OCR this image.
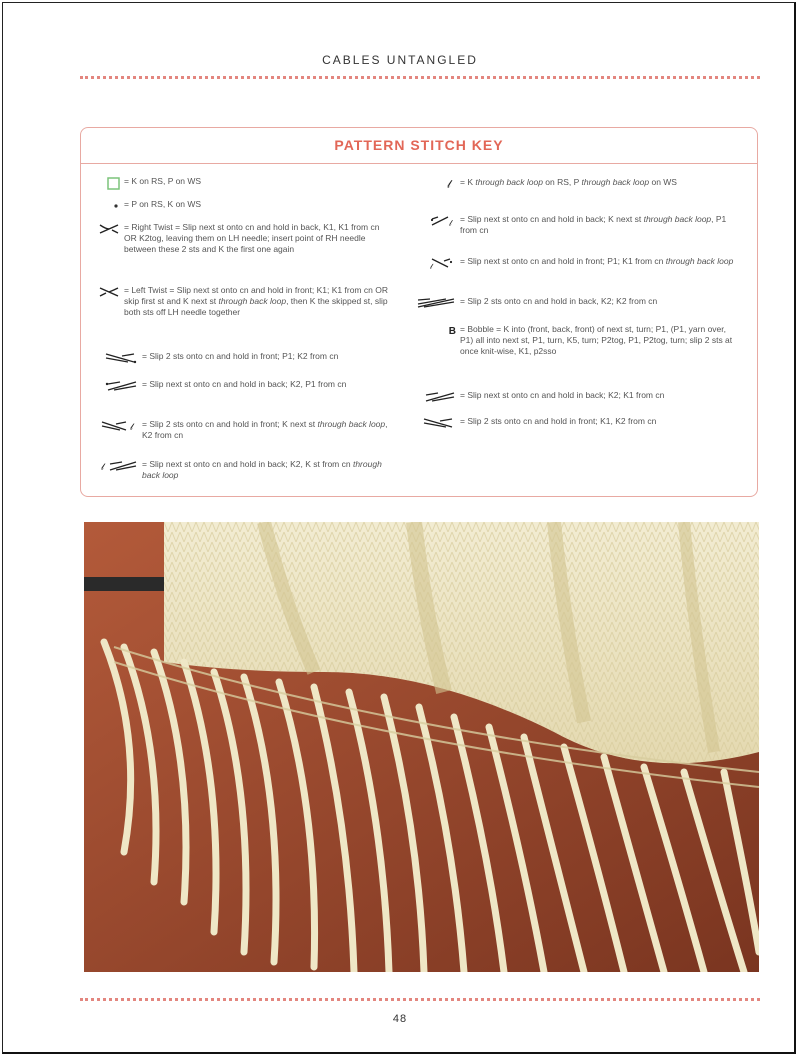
CABLES UNTANGLED
PATTERN STITCH KEY
= K on RS, P on WS
= P on RS, K on WS
= Right Twist = Slip next st onto cn and hold in back, K1, K1 from cn OR K2tog, leaving them on LH needle; insert point of RH needle between these 2 sts and K the first one again
= Left Twist = Slip next st onto cn and hold in front; K1; K1 from cn OR skip first st and K next st through back loop, then K the skipped st, slip both sts off LH needle together
= Slip 2 sts onto cn and hold in front; P1; K2 from cn
= Slip next st onto cn and hold in back; K2, P1 from cn
𝓁 = Slip 2 sts onto cn and hold in front; K next st through back loop, K2 from cn
𝓁	= Slip next st onto cn and hold in back; K2, K st from cn through back loop
𝓁 = K through back loop on RS, P through back loop on WS
𝓁 = Slip next st onto cn and hold in back; K next st through back loop, P1 from cn
𝓁
= Slip next st onto cn and hold in front; P1; K1 from cn through back loop
= Slip 2 sts onto cn and hold in back, K2; K2 from cn
B = Bobble = K into (front, back, front) of next st, turn; P1, (P1, yarn over, P1) all into next st, P1, turn, K5, turn; P2tog, P1, P2tog, turn; slip 2 sts at once knit-wise, K1, p2sso
= Slip next st onto cn and hold in back; K2; K1 from cn
= Slip 2 sts onto cn and hold in front; K1, K2 from cn
48
